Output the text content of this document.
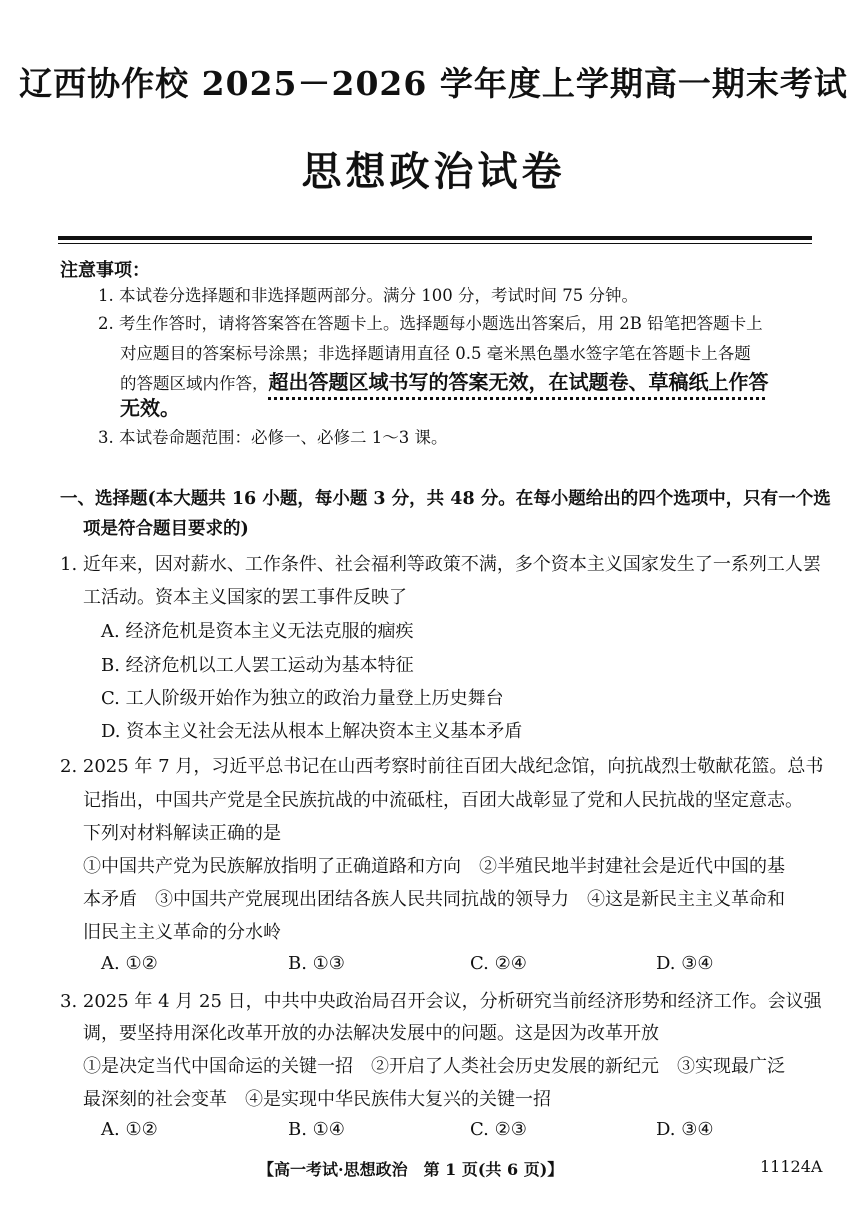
辽西协作校 2025－2026 学年度上学期高一期末考试
思想政治试卷
注意事项：
1. 本试卷分选择题和非选择题两部分。满分 100 分，考试时间 75 分钟。
2. 考生作答时，请将答案答在答题卡上。选择题每小题选出答案后，用 2B 铅笔把答题卡上
对应题目的答案标号涂黑；非选择题请用直径 0.5 毫米黑色墨水签字笔在答题卡上各题
的答题区域内作答，超出答题区域书写的答案无效，在试题卷、草稿纸上作答
无效。
3. 本试卷命题范围：必修一、必修二 1～3 课。
一、选择题(本大题共 16 小题，每小题 3 分，共 48 分。在每小题给出的四个选项中，只有一个选
项是符合题目要求的)
1. 近年来，因对薪水、工作条件、社会福利等政策不满，多个资本主义国家发生了一系列工人罢
工活动。资本主义国家的罢工事件反映了
A. 经济危机是资本主义无法克服的痼疾
B. 经济危机以工人罢工运动为基本特征
C. 工人阶级开始作为独立的政治力量登上历史舞台
D. 资本主义社会无法从根本上解决资本主义基本矛盾
2. 2025 年 7 月，习近平总书记在山西考察时前往百团大战纪念馆，向抗战烈士敬献花篮。总书
记指出，中国共产党是全民族抗战的中流砥柱，百团大战彰显了党和人民抗战的坚定意志。
下列对材料解读正确的是
①中国共产党为民族解放指明了正确道路和方向　②半殖民地半封建社会是近代中国的基
本矛盾　③中国共产党展现出团结各族人民共同抗战的领导力　④这是新民主主义革命和
旧民主主义革命的分水岭
A. ①②	B. ①③	C. ②④	D. ③④
3. 2025 年 4 月 25 日，中共中央政治局召开会议，分析研究当前经济形势和经济工作。会议强
调，要坚持用深化改革开放的办法解决发展中的问题。这是因为改革开放
①是决定当代中国命运的关键一招　②开启了人类社会历史发展的新纪元　③实现最广泛
最深刻的社会变革　④是实现中华民族伟大复兴的关键一招
A. ①②	B. ①④	C. ②③	D. ③④
【高一考试·思想政治　第 1 页(共 6 页)】	11124A
